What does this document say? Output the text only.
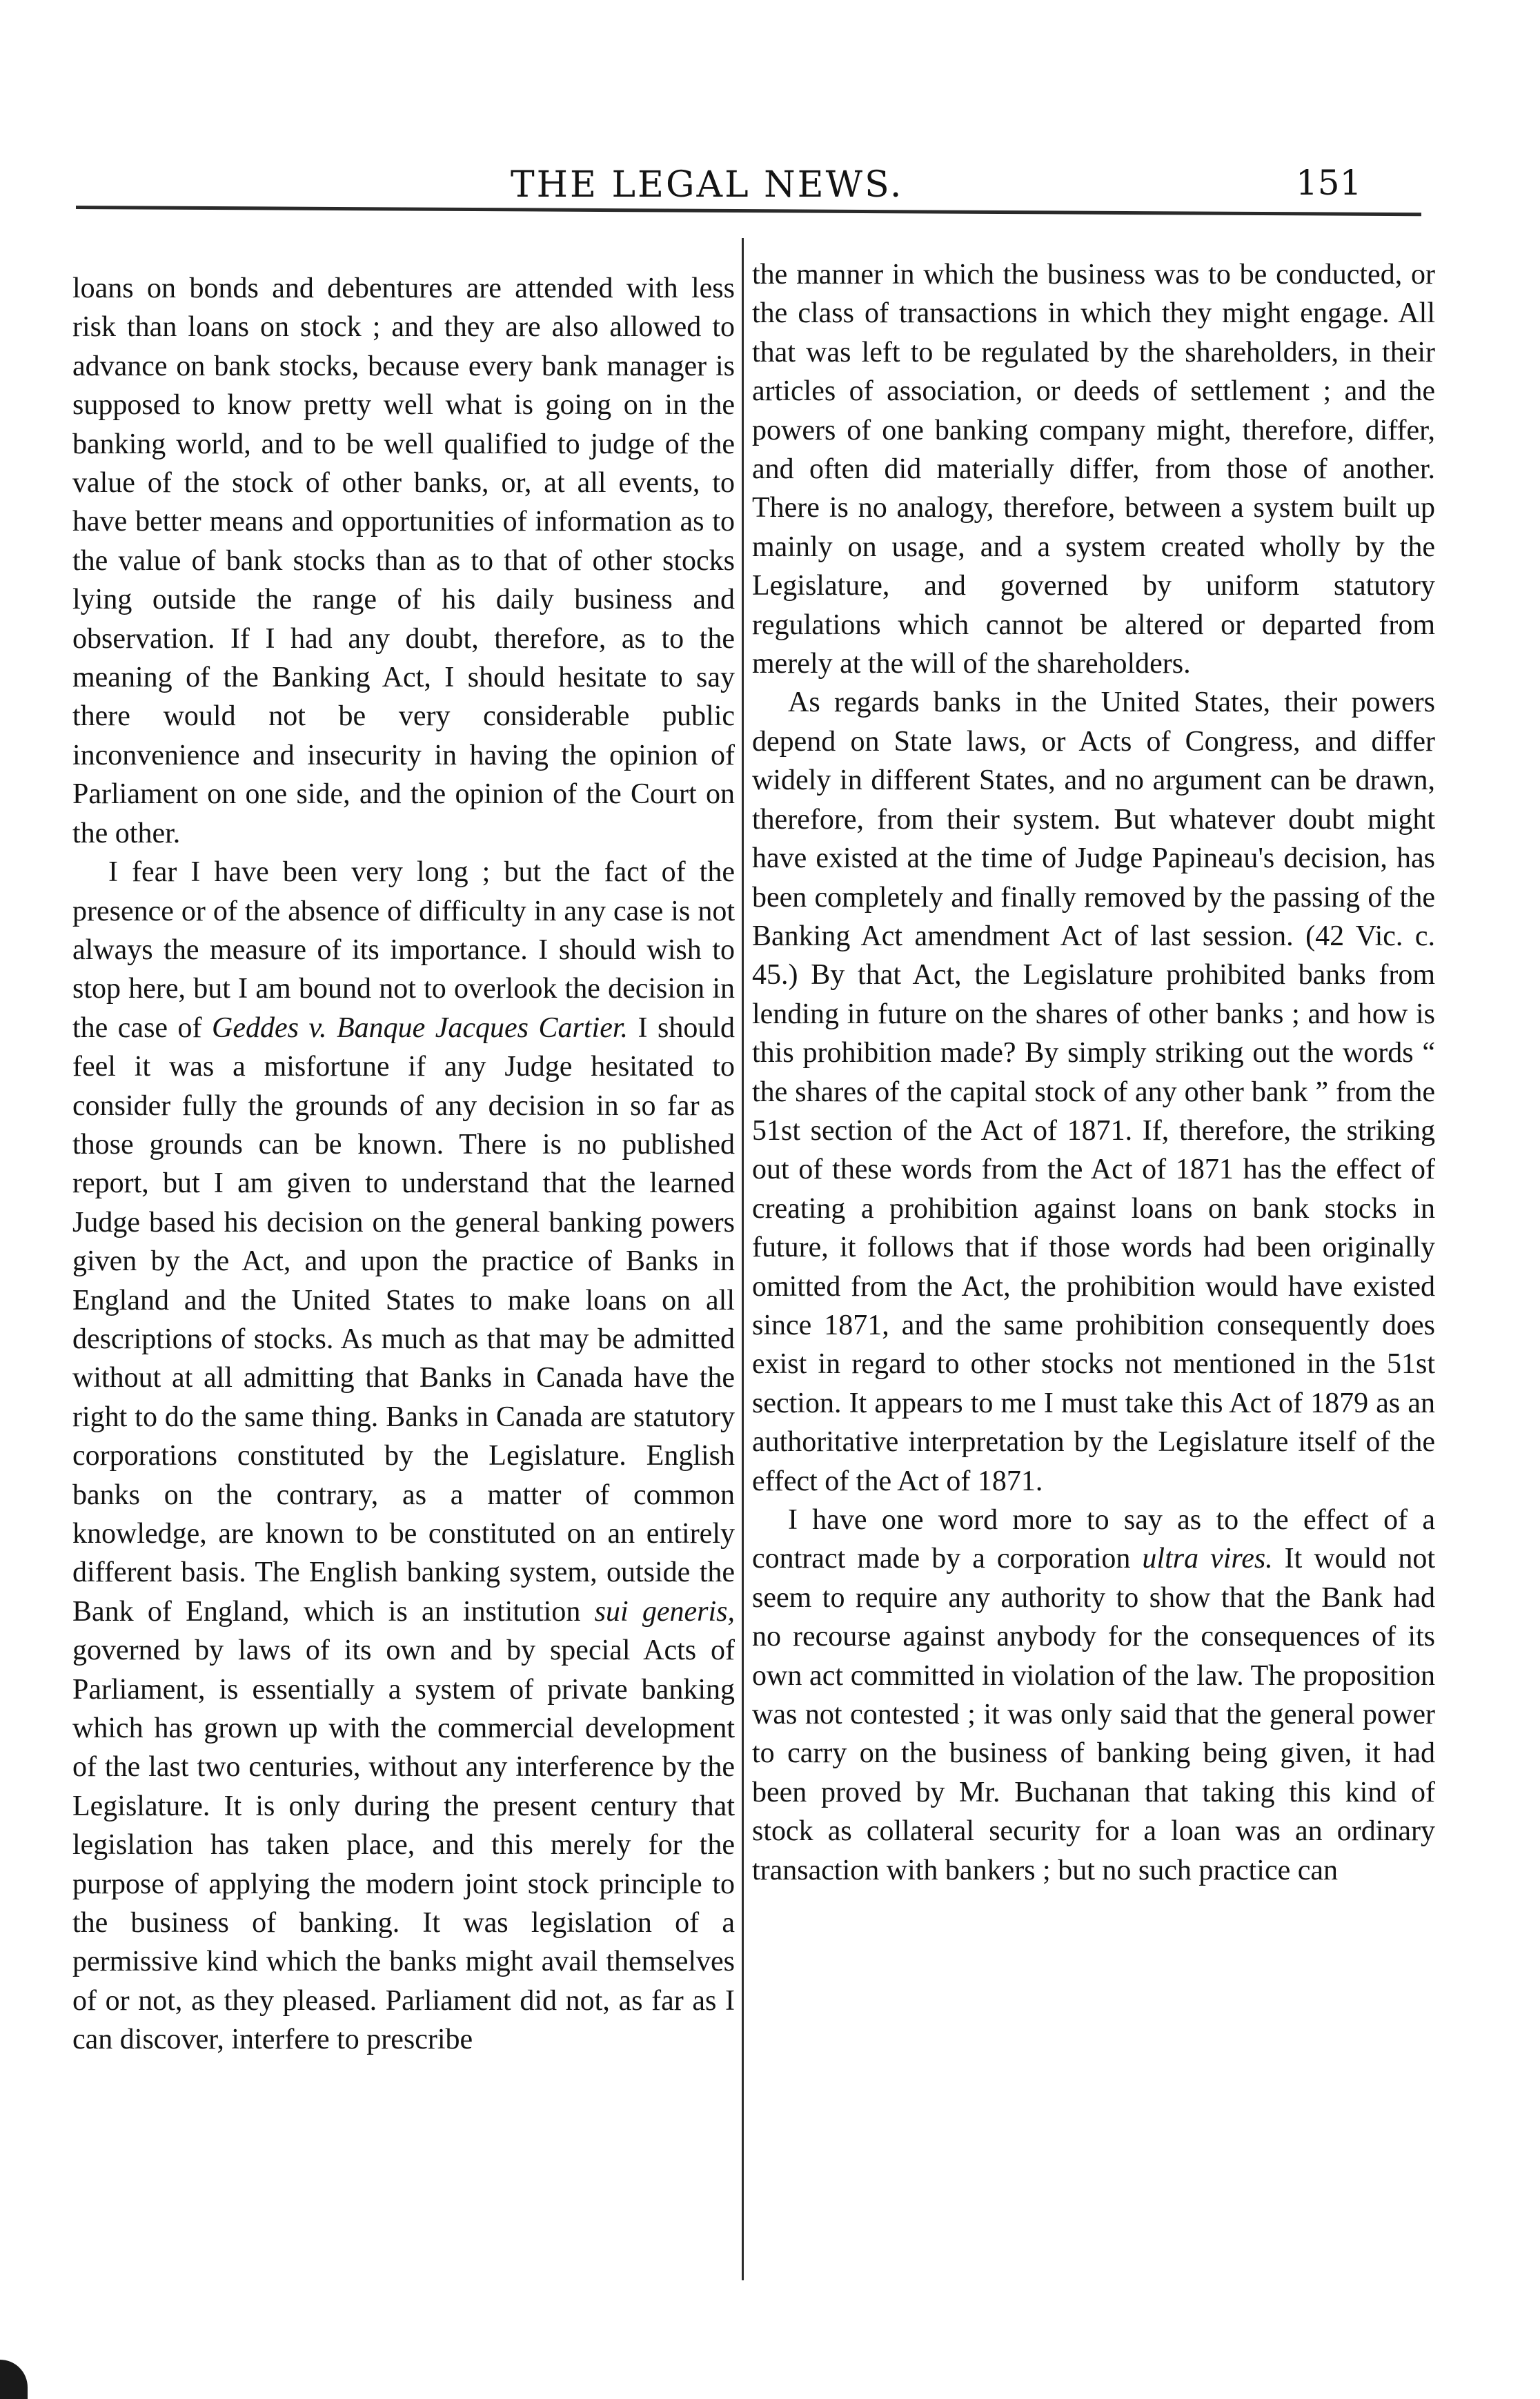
THE LEGAL NEWS.	151

loans on bonds and debentures are attended with less risk than loans on stock ; and they are also allowed to advance on bank stocks, because every bank manager is supposed to know pretty well what is going on in the banking world, and to be well qualified to judge of the value of the stock of other banks, or, at all events, to have better means and opportunities of information as to the value of bank stocks than as to that of other stocks lying outside the range of his daily business and observation. If I had any doubt, therefore, as to the meaning of the Banking Act, I should hesitate to say there would not be very considerable public inconvenience and insecurity in having the opinion of Parliament on one side, and the opinion of the Court on the other.

I fear I have been very long ; but the fact of the presence or of the absence of difficulty in any case is not always the measure of its importance. I should wish to stop here, but I am bound not to overlook the decision in the case of Geddes v. Banque Jacques Cartier. I should feel it was a misfortune if any Judge hesitated to consider fully the grounds of any decision in so far as those grounds can be known. There is no published report, but I am given to understand that the learned Judge based his decision on the general banking powers given by the Act, and upon the practice of Banks in England and the United States to make loans on all descriptions of stocks. As much as that may be admitted without at all admitting that Banks in Canada have the right to do the same thing. Banks in Canada are statutory corporations constituted by the Legislature. English banks on the contrary, as a matter of common knowledge, are known to be constituted on an entirely different basis. The English banking system, outside the Bank of England, which is an institution sui generis, governed by laws of its own and by special Acts of Parliament, is essentially a system of private banking which has grown up with the commercial development of the last two centuries, without any interference by the Legislature. It is only during the present century that legislation has taken place, and this merely for the purpose of applying the modern joint stock principle to the business of banking. It was legislation of a permissive kind which the banks might avail themselves of or not, as they pleased. Parliament did not, as far as I can discover, interfere to prescribe

the manner in which the business was to be conducted, or the class of transactions in which they might engage. All that was left to be regulated by the shareholders, in their articles of association, or deeds of settlement ; and the powers of one banking company might, therefore, differ, and often did materially differ, from those of another. There is no analogy, therefore, between a system built up mainly on usage, and a system created wholly by the Legislature, and governed by uniform statutory regulations which cannot be altered or departed from merely at the will of the shareholders.

As regards banks in the United States, their powers depend on State laws, or Acts of Congress, and differ widely in different States, and no argument can be drawn, therefore, from their system. But whatever doubt might have existed at the time of Judge Papineau's decision, has been completely and finally removed by the passing of the Banking Act amendment Act of last session. (42 Vic. c. 45.) By that Act, the Legislature prohibited banks from lending in future on the shares of other banks ; and how is this prohibition made? By simply striking out the words “ the shares of the capital stock of any other bank ” from the 51st section of the Act of 1871. If, therefore, the striking out of these words from the Act of 1871 has the effect of creating a prohibition against loans on bank stocks in future, it follows that if those words had been originally omitted from the Act, the prohibition would have existed since 1871, and the same prohibition consequently does exist in regard to other stocks not mentioned in the 51st section. It appears to me I must take this Act of 1879 as an authoritative interpretation by the Legislature itself of the effect of the Act of 1871.

I have one word more to say as to the effect of a contract made by a corporation ultra vires. It would not seem to require any authority to show that the Bank had no recourse against anybody for the consequences of its own act committed in violation of the law. The proposition was not contested ; it was only said that the general power to carry on the business of banking being given, it had been proved by Mr. Buchanan that taking this kind of stock as collateral security for a loan was an ordinary transaction with bankers ; but no such practice can
